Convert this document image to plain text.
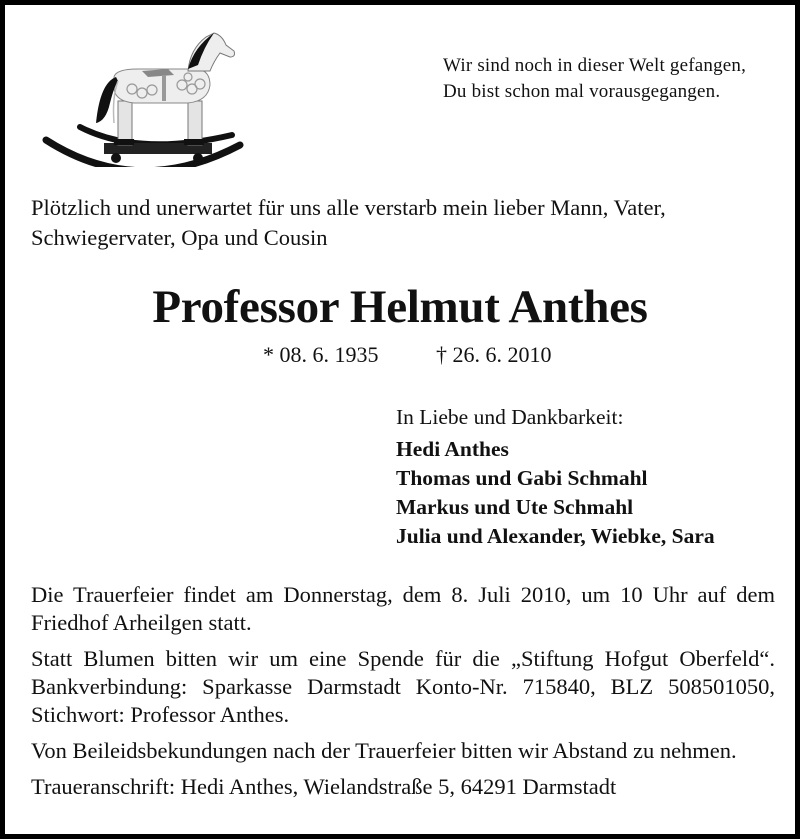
Wir sind noch in dieser Welt gefangen,
Du bist schon mal vorausgegangen.
Plötzlich und unerwartet für uns alle verstarb mein lieber Mann, Vater,
Schwiegervater, Opa und Cousin
Professor Helmut Anthes
* 08. 6. 1935	† 26. 6. 2010
In Liebe und Dankbarkeit:
Hedi Anthes
Thomas und Gabi Schmahl
Markus und Ute Schmahl
Julia und Alexander, Wiebke, Sara

Die Trauerfeier findet am Donnerstag, dem 8. Juli 2010, um 10 Uhr auf dem Friedhof Arheilgen statt.

Statt Blumen bitten wir um eine Spende für die „Stiftung Hofgut Oberfeld“. Bankverbindung: Sparkasse Darmstadt Konto-Nr. 715840, BLZ 508501050, Stichwort: Professor Anthes.

Von Beileidsbekundungen nach der Trauerfeier bitten wir Abstand zu nehmen.

Traueranschrift: Hedi Anthes, Wielandstraße 5, 64291 Darmstadt
